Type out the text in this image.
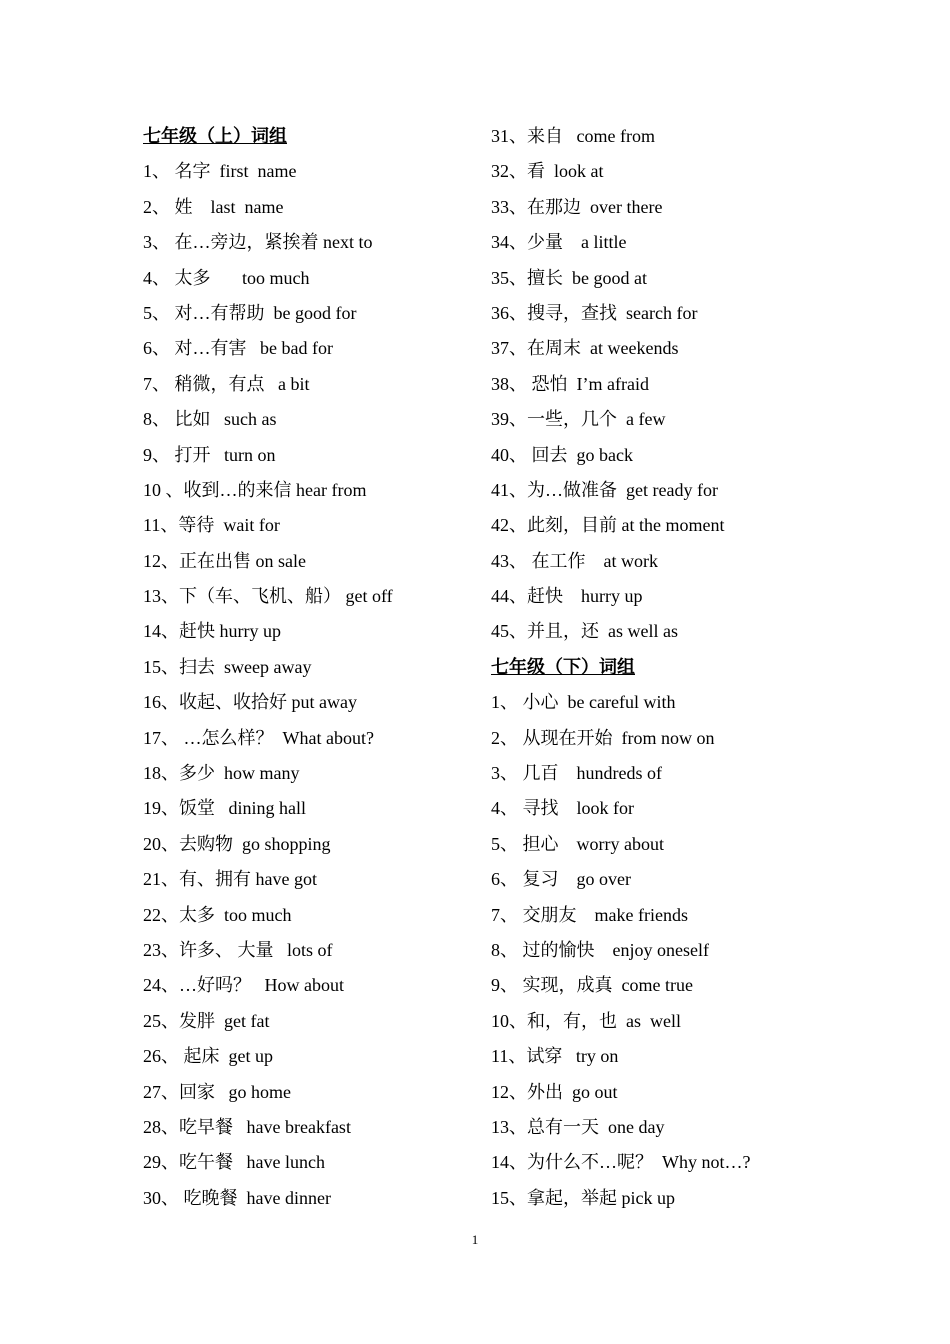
七年级（上）词组
1、 名字  first  name
2、 姓    last  name
3、 在…旁边，紧挨着 next to
4、 太多       too much
5、 对…有帮助  be good for
6、 对…有害   be bad for
7、 稍微，有点   a bit
8、 比如   such as
9、 打开   turn on
10 、收到…的来信 hear from
11、等待  wait for
12、正在出售 on sale
13、下（车、飞机、船） get off
14、赶快 hurry up
15、扫去  sweep away
16、收起、收拾好 put away
17、 …怎么样？  What about?
18、多少  how many
19、饭堂   dining hall
20、去购物  go shopping
21、有、拥有 have got
22、太多  too much
23、许多、 大量   lots of
24、…好吗？   How about
25、发胖  get fat
26、 起床  get up
27、回家   go home
28、吃早餐   have breakfast
29、吃午餐   have lunch
30、 吃晚餐  have dinner
31、来自   come from
32、看  look at
33、在那边  over there
34、少量    a little
35、擅长  be good at
36、搜寻，查找  search for
37、在周末  at weekends
38、 恐怕  I’m afraid
39、一些，几个  a few
40、 回去  go back
41、为…做准备  get ready for
42、此刻，目前 at the moment
43、 在工作    at work
44、赶快    hurry up
45、并且，还  as well as
七年级（下）词组
1、 小心  be careful with
2、 从现在开始  from now on
3、 几百    hundreds of
4、 寻找    look for
5、 担心    worry about
6、 复习    go over
7、 交朋友    make friends
8、 过的愉快    enjoy oneself
9、 实现，成真  come true
10、和，有，也  as  well
11、试穿   try on
12、外出  go out
13、总有一天  one day
14、为什么不…呢？  Why not…?
15、拿起，举起 pick up
1
